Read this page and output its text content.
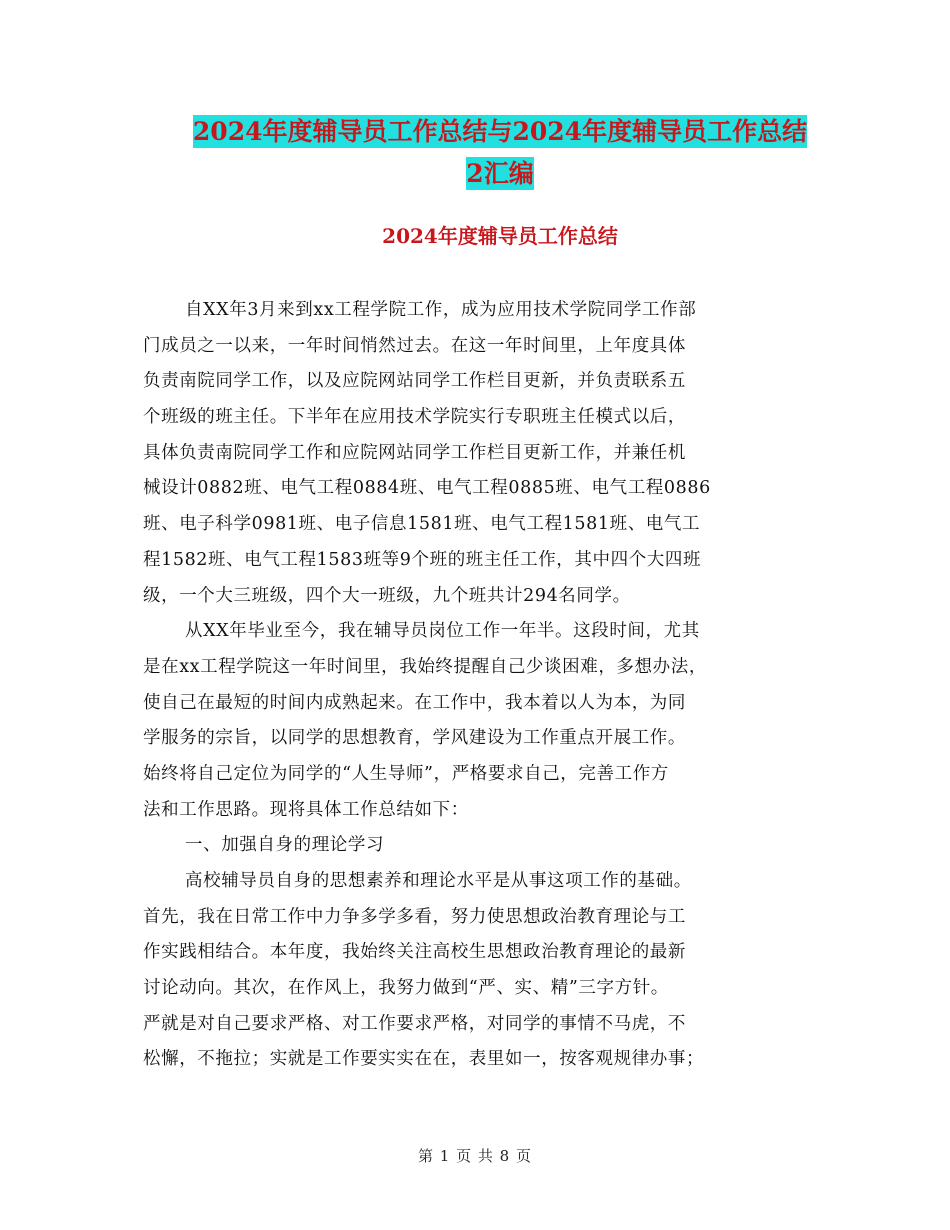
2024年度辅导员工作总结与2024年度辅导员工作总结
2汇编
2024年度辅导员工作总结
自XX年3月来到xx工程学院工作，成为应用技术学院同学工作部
门成员之一以来，一年时间悄然过去。在这一年时间里，上年度具体
负责南院同学工作，以及应院网站同学工作栏目更新，并负责联系五
个班级的班主任。下半年在应用技术学院实行专职班主任模式以后，
具体负责南院同学工作和应院网站同学工作栏目更新工作，并兼任机
械设计0882班、电气工程0884班、电气工程0885班、电气工程0886
班、电子科学0981班、电子信息1581班、电气工程1581班、电气工
程1582班、电气工程1583班等9个班的班主任工作，其中四个大四班
级，一个大三班级，四个大一班级，九个班共计294名同学。
从XX年毕业至今，我在辅导员岗位工作一年半。这段时间，尤其
是在xx工程学院这一年时间里，我始终提醒自己少谈困难，多想办法，
使自己在最短的时间内成熟起来。在工作中，我本着以人为本，为同
学服务的宗旨，以同学的思想教育，学风建设为工作重点开展工作。
始终将自己定位为同学的“人生导师”，严格要求自己，完善工作方
法和工作思路。现将具体工作总结如下：
一、加强自身的理论学习
高校辅导员自身的思想素养和理论水平是从事这项工作的基础。
首先，我在日常工作中力争多学多看，努力使思想政治教育理论与工
作实践相结合。本年度，我始终关注高校生思想政治教育理论的最新
讨论动向。其次，在作风上，我努力做到“严、实、精”三字方针。
严就是对自己要求严格、对工作要求严格，对同学的事情不马虎，不
松懈，不拖拉；实就是工作要实实在在，表里如一，按客观规律办事；
第 1 页 共 8 页
